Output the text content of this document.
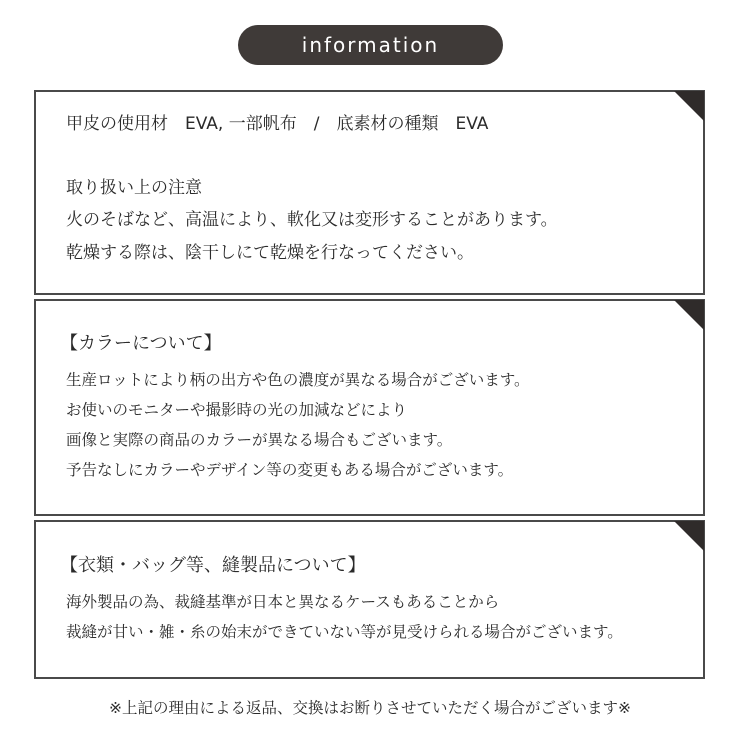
information
甲皮の使用材　EVA, 一部帆布　/　底素材の種類　EVA
取り扱い上の注意
火のそばなど、高温により、軟化又は変形することがあります。
乾燥する際は、陰干しにて乾燥を行なってください。
【カラーについて】
生産ロットにより柄の出方や色の濃度が異なる場合がございます。
お使いのモニターや撮影時の光の加減などにより
画像と実際の商品のカラーが異なる場合もございます。
予告なしにカラーやデザイン等の変更もある場合がございます。
【衣類・バッグ等、縫製品について】
海外製品の為、裁縫基準が日本と異なるケースもあることから
裁縫が甘い・雑・糸の始末ができていない等が見受けられる場合がございます。
※上記の理由による返品、交換はお断りさせていただく場合がございます※
